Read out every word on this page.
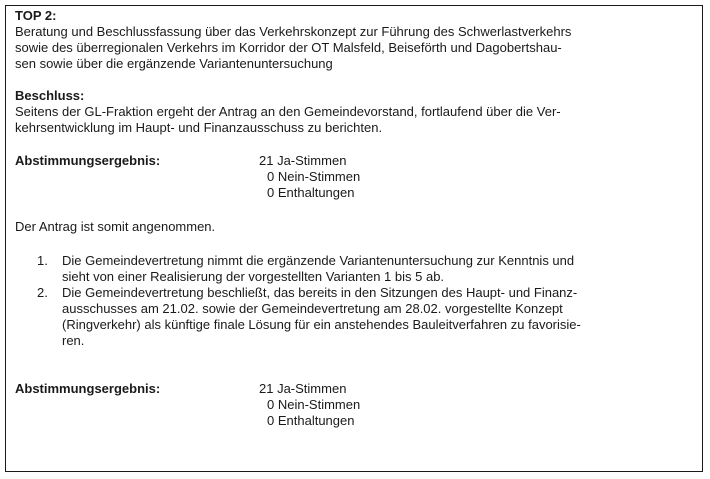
TOP 2:

Beratung und Beschlussfassung über das Verkehrskonzept zur Führung des Schwerlastverkehrs

sowie des überregionalen Verkehrs im Korridor der OT Malsfeld, Beiseförth und Dagobertshau-

sen sowie über die ergänzende Variantenuntersuchung

Beschluss:

Seitens der GL-Fraktion ergeht der Antrag an den Gemeindevorstand, fortlaufend über die Ver-

kehrsentwicklung im Haupt- und Finanzausschuss zu berichten.

Abstimmungsergebnis:	21 Ja-Stimmen
0 Nein-Stimmen
0 Enthaltungen

Der Antrag ist somit angenommen.

1.	Die Gemeindevertretung nimmt die ergänzende Variantenuntersuchung zur Kenntnis und
sieht von einer Realisierung der vorgestellten Varianten 1 bis 5 ab.
2.	Die Gemeindevertretung beschließt, das bereits in den Sitzungen des Haupt- und Finanz-
ausschusses am 21.02. sowie der Gemeindevertretung am 28.02. vorgestellte Konzept
(Ringverkehr) als künftige finale Lösung für ein anstehendes Bauleitverfahren zu favorisie-
ren.
Abstimmungsergebnis:	21 Ja-Stimmen
0 Nein-Stimmen
0 Enthaltungen
